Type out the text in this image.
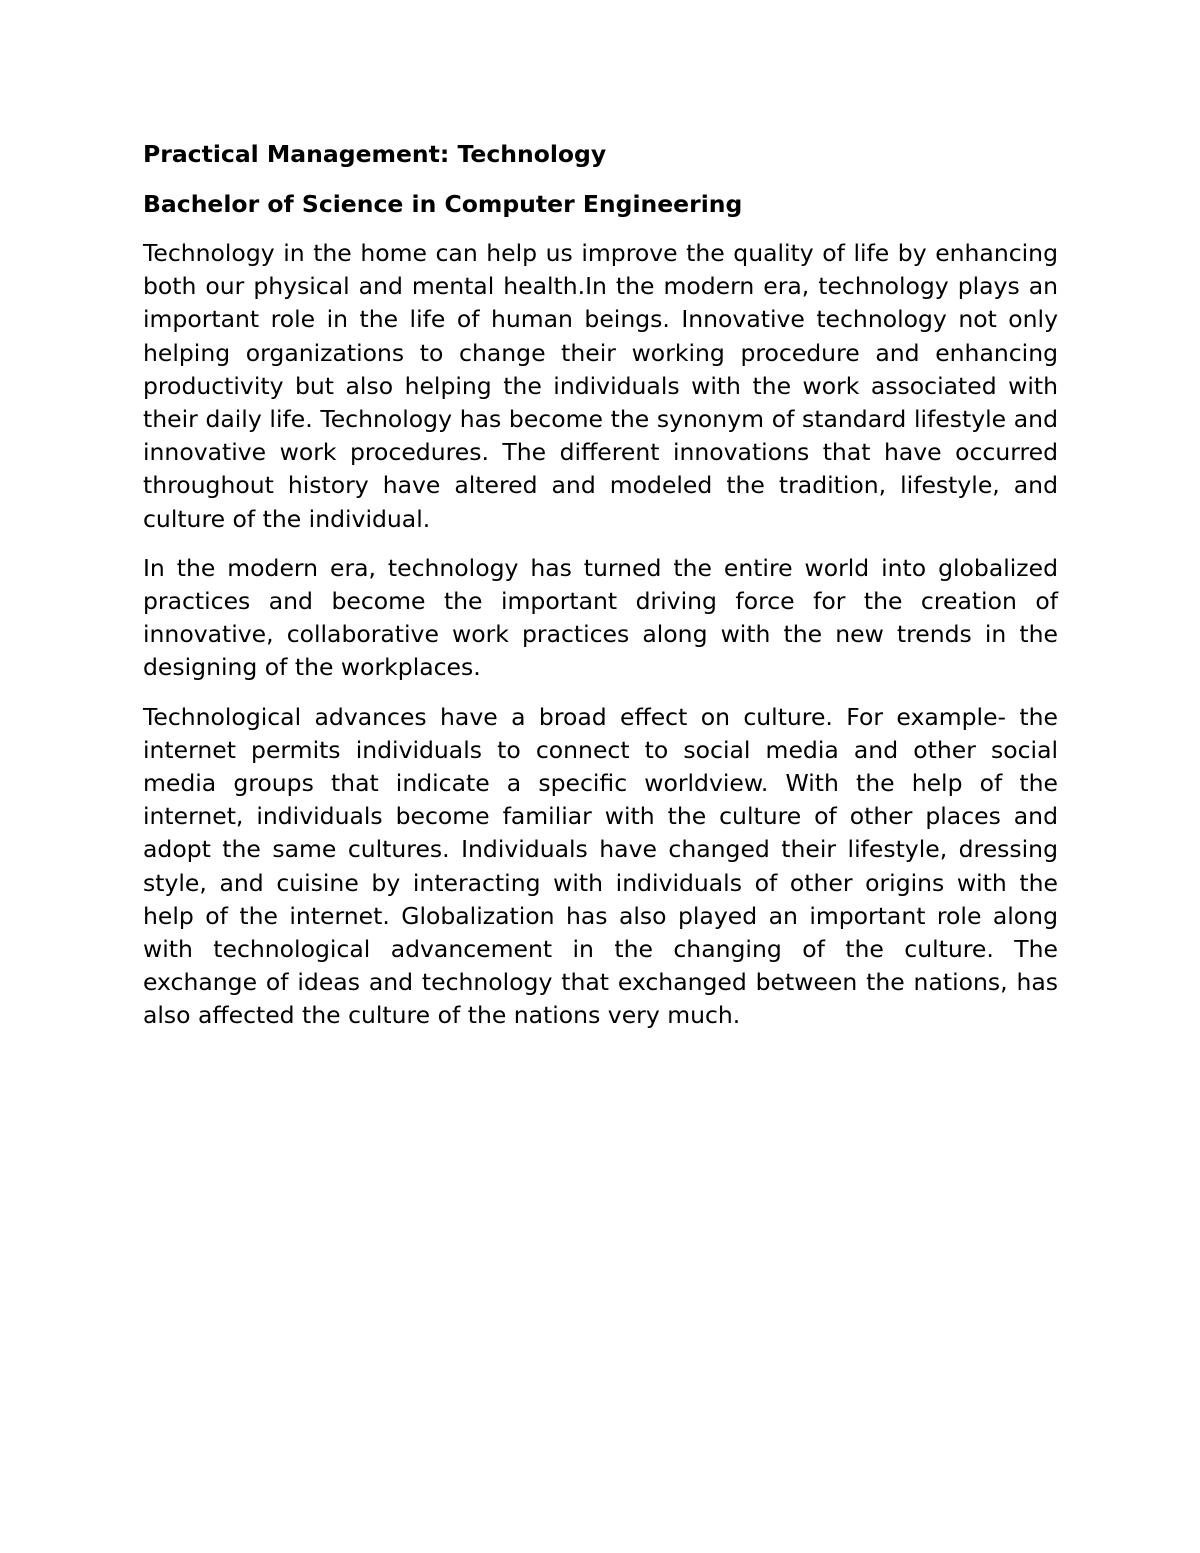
Practical Management: Technology
Bachelor of Science in Computer Engineering

Technology in the home can help us improve the quality of life by enhancing both our physical and mental health.In the modern era, technology plays an important role in the life of human beings. Innovative technology not only helping organizations to change their working procedure and enhancing productivity but also helping the individuals with the work associated with their daily life. Technology has become the synonym of standard lifestyle and innovative work procedures. The different innovations that have occurred throughout history have altered and modeled the tradition, lifestyle, and culture of the individual.

In the modern era, technology has turned the entire world into globalized practices and become the important driving force for the creation of innovative, collaborative work practices along with the new trends in the designing of the workplaces.

Technological advances have a broad effect on culture. For example- the internet permits individuals to connect to social media and other social media groups that indicate a specific worldview. With the help of the internet, individuals become familiar with the culture of other places and adopt the same cultures. Individuals have changed their lifestyle, dressing style, and cuisine by interacting with individuals of other origins with the help of the internet. Globalization has also played an important role along with technological advancement in the changing of the culture. The exchange of ideas and technology that exchanged between the nations, has also affected the culture of the nations very much.
